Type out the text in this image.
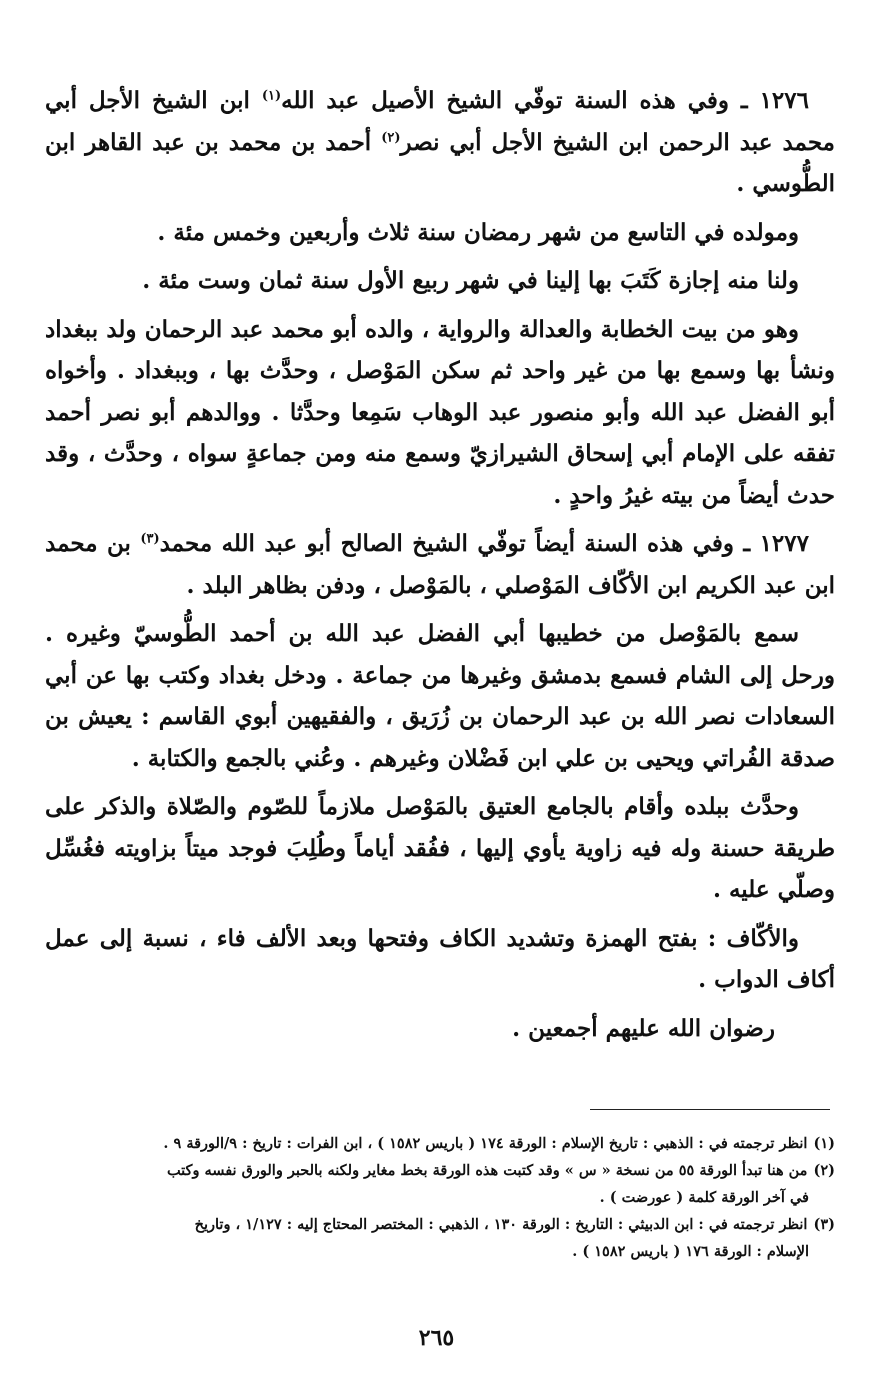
١٢٧٦ ـ وفي هذه السنة توفّي الشيخ الأصيل عبد الله$^{(١)}$ ابن الشيخ الأجل أبي محمد عبد الرحمن ابن الشيخ الأجل أبي نصر$^{(٢)}$ أحمد بن محمد بن عبد القاهر ابن الطُّوسي .

ومولده في التاسع من شهر رمضان سنة ثلاث وأربعين وخمس مئة .

ولنا منه إجازة كَتَبَ بها إلينا في شهر ربيع الأول سنة ثمان وست مئة .

وهو من بيت الخطابة والعدالة والرواية ، والده أبو محمد عبد الرحمان ولد ببغداد ونشأ بها وسمع بها من غير واحد ثم سكن المَوْصل ، وحدَّث بها ، وببغداد . وأخواه أبو الفضل عبد الله وأبو منصور عبد الوهاب سَمِعا وحدَّثا . ووالدهم أبو نصر أحمد تفقه على الإمام أبي إسحاق الشيرازيّ وسمع منه ومن جماعةٍ سواه ، وحدَّث ، وقد حدث أيضاً من بيته غيرُ واحدٍ .

١٢٧٧ ـ وفي هذه السنة أيضاً توفّي الشيخ الصالح أبو عبد الله محمد$^{(٣)}$ بن محمد ابن عبد الكريم ابن الأكّاف المَوْصلي ، بالمَوْصل ، ودفن بظاهر البلد .

سمع بالمَوْصل من خطيبها أبي الفضل عبد الله بن أحمد الطُّوسيّ وغيره . ورحل إلى الشام فسمع بدمشق وغيرها من جماعة . ودخل بغداد وكتب بها عن أبي السعادات نصر الله بن عبد الرحمان بن زُرَيق ، والفقيهين أبوي القاسم : يعيش بن صدقة الفُراتي ويحيى بن علي ابن فَضْلان وغيرهم . وعُني بالجمع والكتابة .

وحدَّث ببلده وأقام بالجامع العتيق بالمَوْصل ملازماً للصّوم والصّلاة والذكر على طريقة حسنة وله فيه زاوية يأوي إليها ، ففُقد أياماً وطُلِبَ فوجد ميتاً بزاويته فغُسِّل وصلّي عليه .

والأكّاف : بفتح الهمزة وتشديد الكاف وفتحها وبعد الألف فاء ، نسبة إلى عمل أكاف الدواب .

رضوان الله عليهم أجمعين .

(١)انظر ترجمته في : الذهبي : تاريخ الإسلام : الورقة ١٧٤ ( باريس ١٥٨٢ ) ، ابن الفرات : تاريخ : ٩/الورقة ٩ .

(٢)من هنا تبدأ الورقة ٥٥ من نسخة « س » وقد كتبت هذه الورقة بخط مغاير ولكنه بالحبر والورق نفسه وكتب

في آخر الورقة كلمة ( عورضت ) .

(٣)انظر ترجمته في : ابن الدبيثي : التاريخ : الورقة ١٣٠ ، الذهبي : المختصر المحتاج إليه : ١/١٢٧ ، وتاريخ

الإسلام : الورقة ١٧٦ ( باريس ١٥٨٢ ) .

٢٦٥
